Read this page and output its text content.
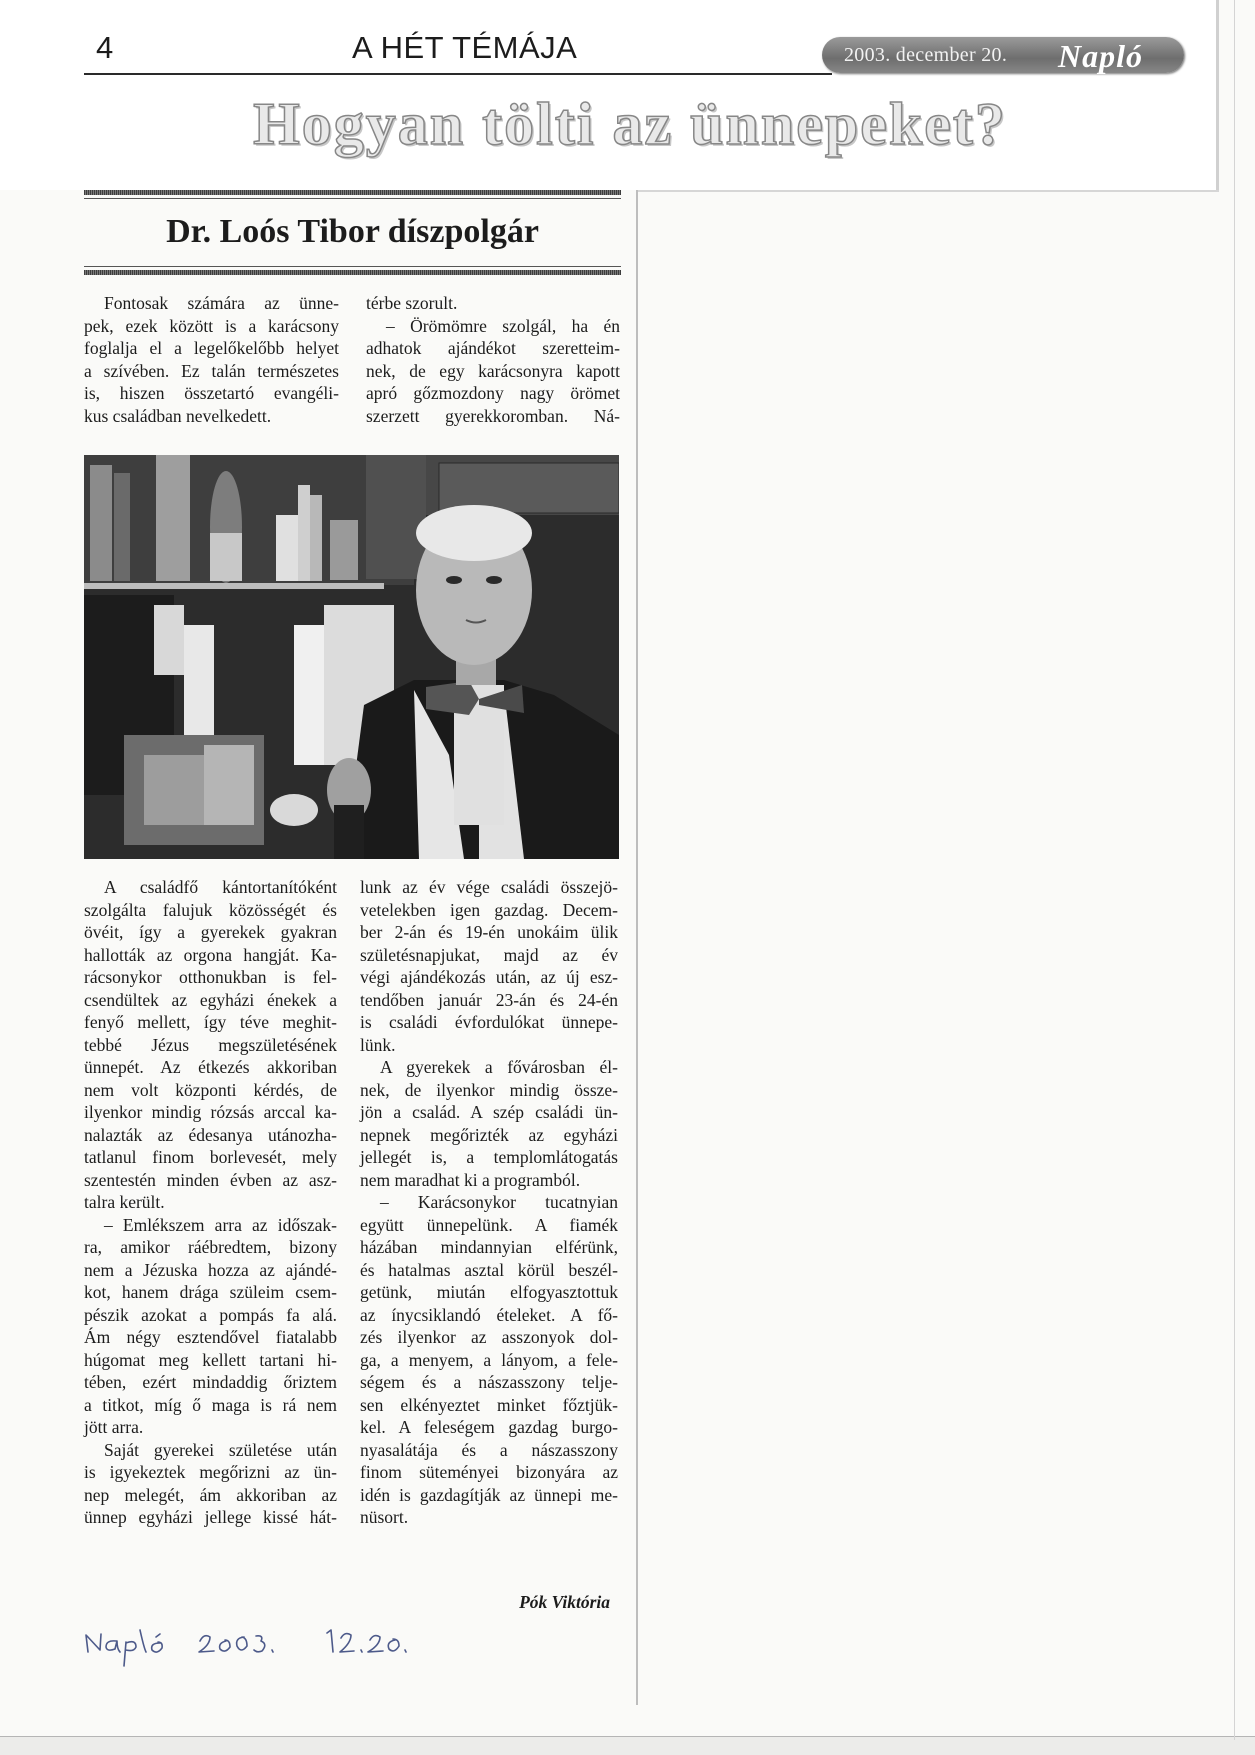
4	A HÉT TÉMÁJA	2003. december 20. Napló
Hogyan tölti az ünnepeket?
Dr. Loós Tibor díszpolgár
Fontosak számára az ünne-
pek, ezek között is a karácsony
foglalja el a legelőkelőbb helyet
a szívében. Ez talán természetes
is, hiszen összetartó evangéli-
kus családban nevelkedett.
térbe szorult.
– Örömömre szolgál, ha én
adhatok ajándékot szeretteim-
nek, de egy karácsonyra kapott
apró gőzmozdony nagy örömet
szerzett gyerekkoromban. Ná-
A családfő kántortanítóként
szolgálta falujuk közösségét és
övéit, így a gyerekek gyakran
hallották az orgona hangját. Ka-
rácsonykor otthonukban is fel-
csendültek az egyházi énekek a
fenyő mellett, így téve meghit-
tebbé Jézus megszületésének
ünnepét. Az étkezés akkoriban
nem volt központi kérdés, de
ilyenkor mindig rózsás arccal ka-
nalazták az édesanya utánozha-
tatlanul finom borlevesét, mely
szentestén minden évben az asz-
talra került.
– Emlékszem arra az időszak-
ra, amikor ráébredtem, bizony
nem a Jézuska hozza az ajándé-
kot, hanem drága szüleim csem-
pészik azokat a pompás fa alá.
Ám négy esztendővel fiatalabb
húgomat meg kellett tartani hi-
tében, ezért mindaddig őriztem
a titkot, míg ő maga is rá nem
jött arra.
Saját gyerekei születése után
is igyekeztek megőrizni az ün-
nep melegét, ám akkoriban az
ünnep egyházi jellege kissé hát-
lunk az év vége családi összejö-
vetelekben igen gazdag. Decem-
ber 2-án és 19-én unokáim ülik
születésnapjukat, majd az év
végi ajándékozás után, az új esz-
tendőben január 23-án és 24-én
is családi évfordulókat ünnepe-
lünk.
A gyerekek a fővárosban él-
nek, de ilyenkor mindig össze-
jön a család. A szép családi ün-
nepnek megőrizték az egyházi
jellegét is, a templomlátogatás
nem maradhat ki a programból.
– Karácsonykor tucatnyian
együtt ünnepelünk. A fiamék
házában mindannyian elférünk,
és hatalmas asztal körül beszél-
getünk, miután elfogyasztottuk
az ínycsiklandó ételeket. A fő-
zés ilyenkor az asszonyok dol-
ga, a menyem, a lányom, a fele-
ségem és a nászasszony telje-
sen elkényeztet minket főztjük-
kel. A feleségem gazdag burgo-
nyasalátája és a nászasszony
finom süteményei bizonyára az
idén is gazdagítják az ünnepi me-
nüsort.
Pók Viktória
